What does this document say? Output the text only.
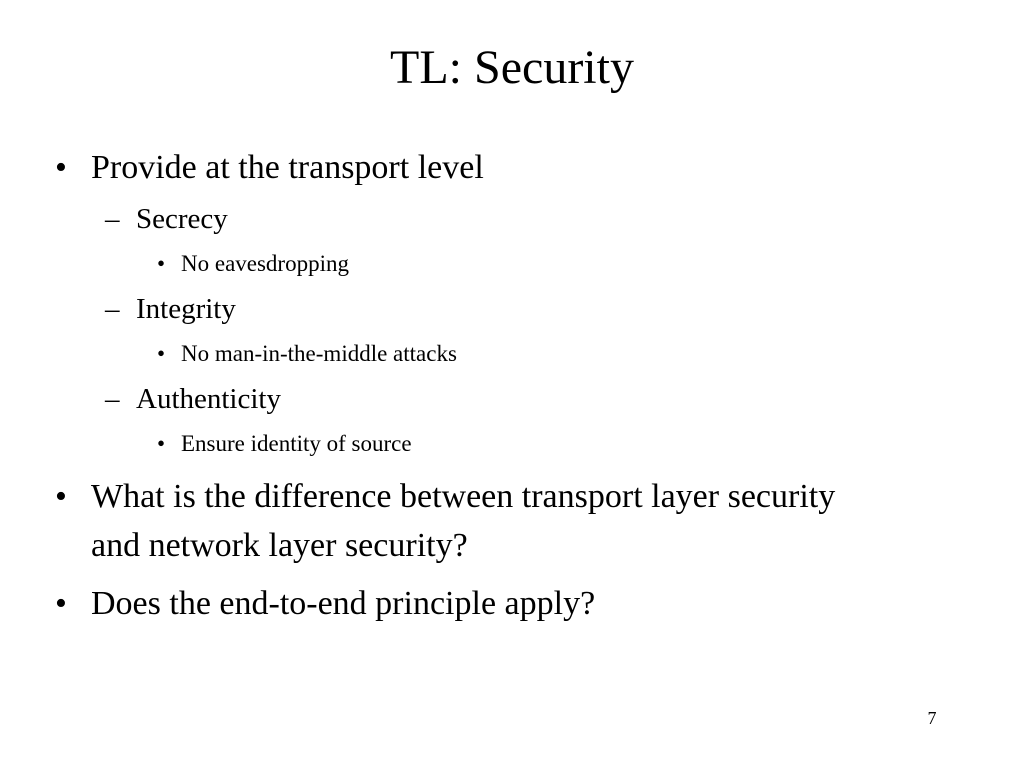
TL: Security
• Provide at the transport level
– Secrecy
• No eavesdropping
– Integrity
• No man-in-the-middle attacks
– Authenticity
• Ensure identity of source
• What is the difference between transport layer security
and network layer security?
• Does the end-to-end principle apply?
7
